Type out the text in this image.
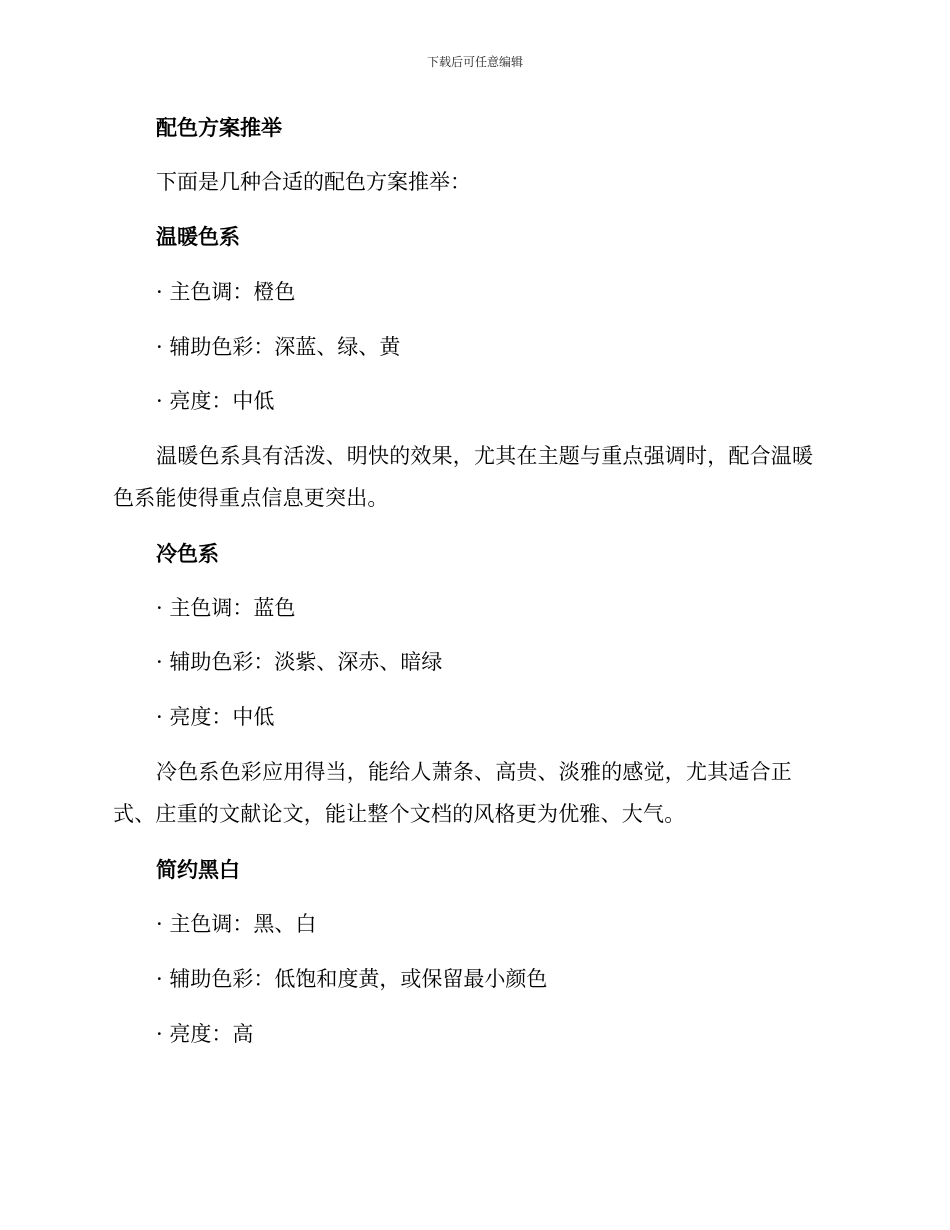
下载后可任意编辑
配色方案推举
下面是几种合适的配色方案推举：
温暖色系
· 主色调：橙色
· 辅助色彩：深蓝、绿、黄
· 亮度：中低
温暖色系具有活泼、明快的效果，尤其在主题与重点强调时，配合温暖色系能使得重点信息更突出。
冷色系
· 主色调：蓝色
· 辅助色彩：淡紫、深赤、暗绿
· 亮度：中低
冷色系色彩应用得当，能给人萧条、高贵、淡雅的感觉，尤其适合正式、庄重的文献论文，能让整个文档的风格更为优雅、大气。
简约黑白
· 主色调：黑、白
· 辅助色彩：低饱和度黄，或保留最小颜色
· 亮度：高
